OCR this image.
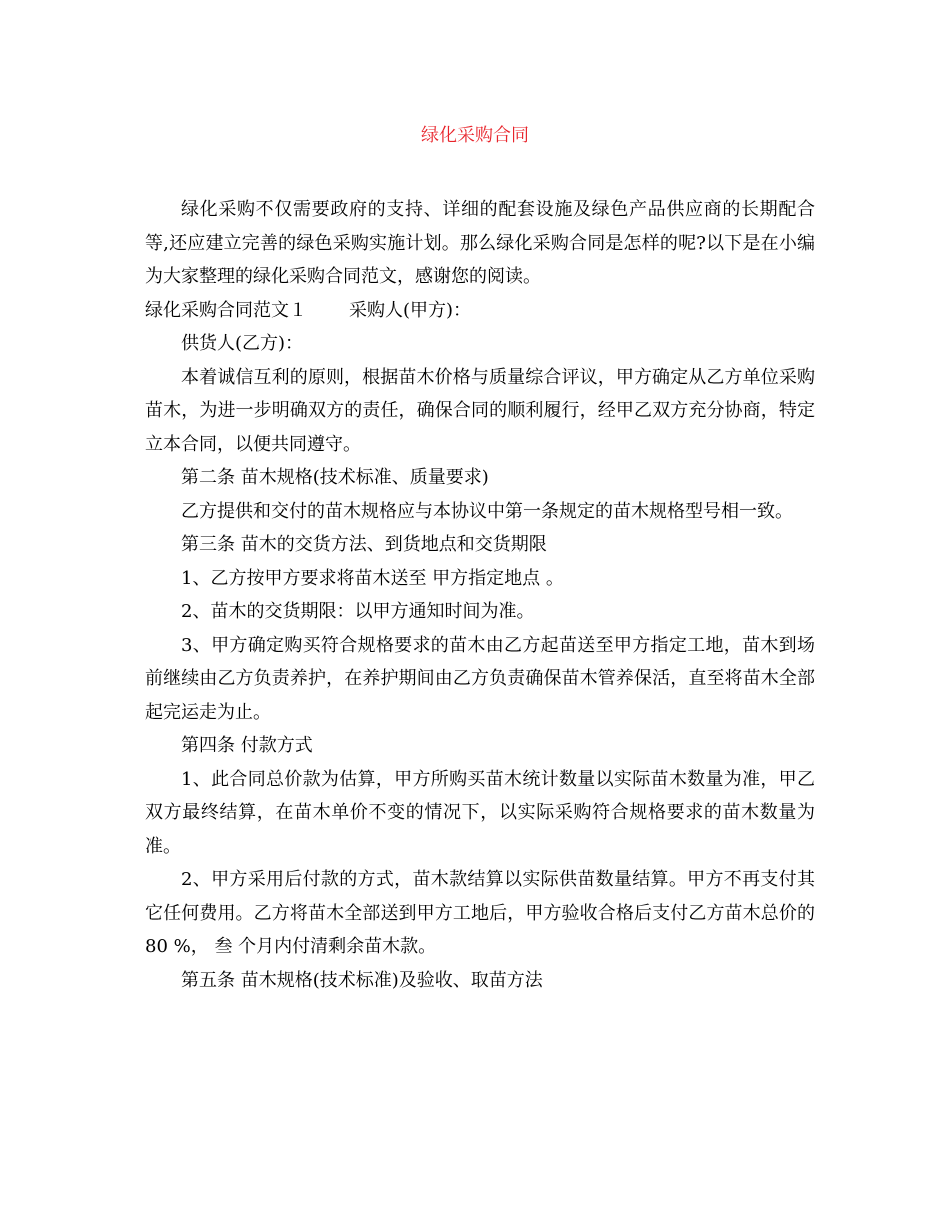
绿化采购合同

绿化采购不仅需要政府的支持、详细的配套设施及绿色产品供应商的长期配合等,还应建立完善的绿色采购实施计划。那么绿化采购合同是怎样的呢?以下是在小编为大家整理的绿化采购合同范文，感谢您的阅读。

绿化采购合同范文１ 采购人(甲方)：

供货人(乙方)：

本着诚信互利的原则，根据苗木价格与质量综合评议，甲方确定从乙方单位采购苗木，为进一步明确双方的责任，确保合同的顺利履行，经甲乙双方充分协商，特定立本合同，以便共同遵守。

第二条 苗木规格(技术标准、质量要求)

乙方提供和交付的苗木规格应与本协议中第一条规定的苗木规格型号相一致。

第三条 苗木的交货方法、到货地点和交货期限

1、乙方按甲方要求将苗木送至 甲方指定地点 。

2、苗木的交货期限：以甲方通知时间为准。

3、甲方确定购买符合规格要求的苗木由乙方起苗送至甲方指定工地，苗木到场前继续由乙方负责养护，在养护期间由乙方负责确保苗木管养保活，直至将苗木全部起完运走为止。

第四条 付款方式

1、此合同总价款为估算，甲方所购买苗木统计数量以实际苗木数量为准，甲乙双方最终结算，在苗木单价不变的情况下，以实际采购符合规格要求的苗木数量为准。

2、甲方采用后付款的方式，苗木款结算以实际供苗数量结算。甲方不再支付其它任何费用。乙方将苗木全部送到甲方工地后，甲方验收合格后支付乙方苗木总价的 80 %， 叁 个月内付清剩余苗木款。

第五条 苗木规格(技术标准)及验收、取苗方法
